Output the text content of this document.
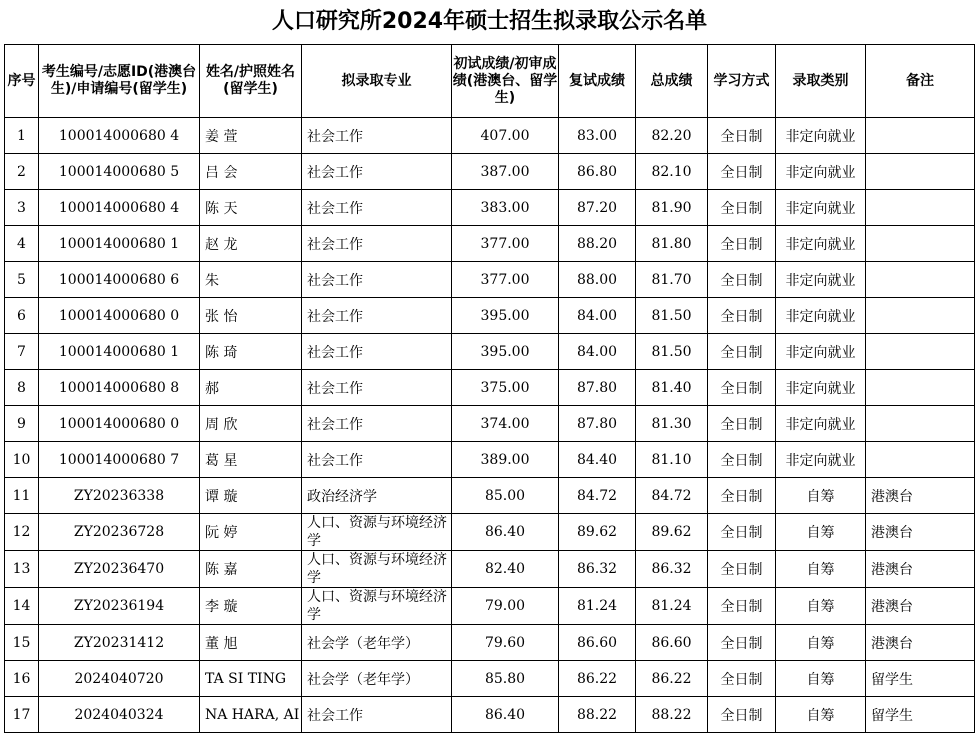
人口研究所2024年硕士招生拟录取公示名单
序号	考生编号/志愿ID(港澳台生)/申请编号(留学生)	姓名/护照姓名(留学生)	拟录取专业	初试成绩/初审成绩(港澳台、留学生)	复试成绩	总成绩	学习方式	录取类别	备注
1	100014000680 4	姜 萱	社会工作	407.00	83.00	82.20	全日制	非定向就业	
2	100014000680 5	吕 会	社会工作	387.00	86.80	82.10	全日制	非定向就业	
3	100014000680 4	陈 天	社会工作	383.00	87.20	81.90	全日制	非定向就业	
4	100014000680 1	赵 龙	社会工作	377.00	88.20	81.80	全日制	非定向就业	
5	100014000680 6	朱	社会工作	377.00	88.00	81.70	全日制	非定向就业	
6	100014000680 0	张 怡	社会工作	395.00	84.00	81.50	全日制	非定向就业	
7	100014000680 1	陈 琦	社会工作	395.00	84.00	81.50	全日制	非定向就业	
8	100014000680 8	郝	社会工作	375.00	87.80	81.40	全日制	非定向就业	
9	100014000680 0	周 欣	社会工作	374.00	87.80	81.30	全日制	非定向就业	
10	100014000680 7	葛 星	社会工作	389.00	84.40	81.10	全日制	非定向就业	
11	ZY20236338	谭 璇	政治经济学	85.00	84.72	84.72	全日制	自筹	港澳台
12	ZY20236728	阮 婷	人口、资源与环境经济学	86.40	89.62	89.62	全日制	自筹	港澳台
13	ZY20236470	陈 嘉	人口、资源与环境经济学	82.40	86.32	86.32	全日制	自筹	港澳台
14	ZY20236194	李 璇	人口、资源与环境经济学	79.00	81.24	81.24	全日制	自筹	港澳台
15	ZY20231412	董 旭	社会学（老年学）	79.60	86.60	86.60	全日制	自筹	港澳台
16	2024040720	TA SI TING	社会学（老年学）	85.80	86.22	86.22	全日制	自筹	留学生
17	2024040324	NA HARA, AI	社会工作	86.40	88.22	88.22	全日制	自筹	留学生
